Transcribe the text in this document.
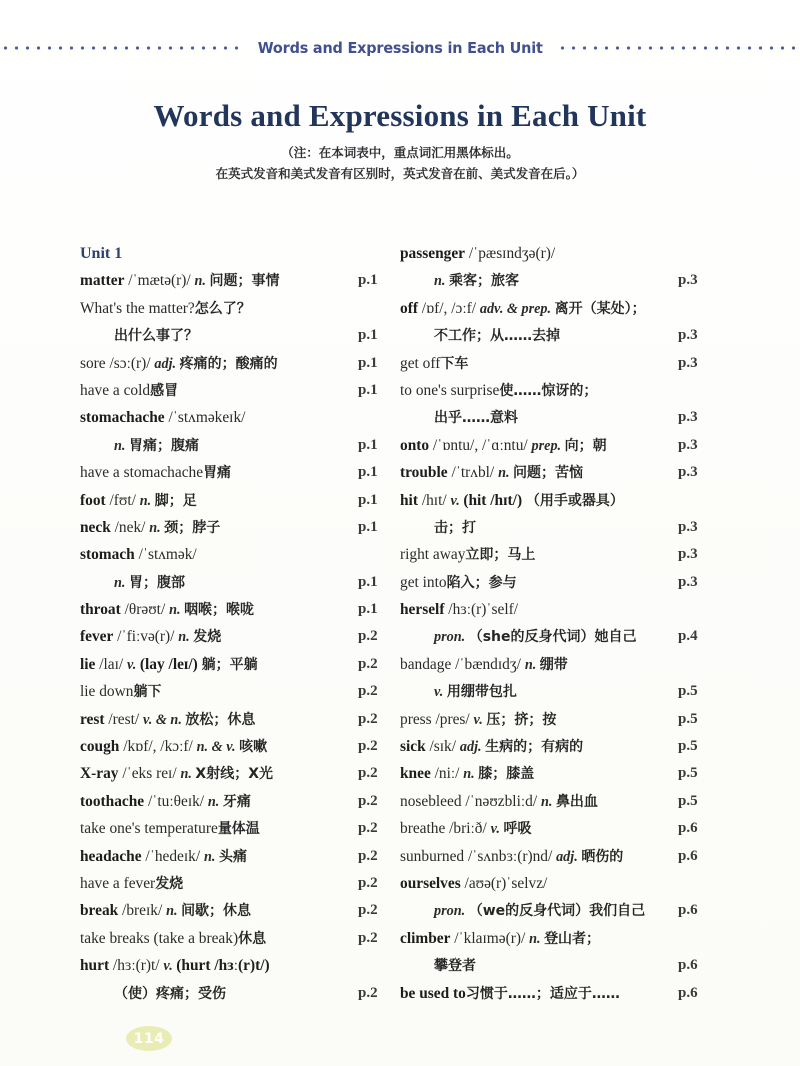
Words and Expressions in Each Unit
Words and Expressions in Each Unit
（注：在本词表中，重点词汇用黑体标出。
在英式发音和美式发音有区别时，英式发音在前、美式发音在后。）
Unit 1
matter /ˈmætə(r)/ n. 问题；事情	p.1
What's the matter?怎么了？
出什么事了？	p.1
sore /sɔː(r)/ adj. 疼痛的；酸痛的	p.1
have a cold感冒	p.1
stomachache /ˈstʌməkeɪk/
n. 胃痛；腹痛	p.1
have a stomachache胃痛	p.1
foot /fʊt/ n. 脚；足	p.1
neck /nek/ n. 颈；脖子	p.1
stomach /ˈstʌmək/
n. 胃；腹部	p.1
throat /θrəʊt/ n. 咽喉；喉咙	p.1
fever /ˈfiːvə(r)/ n. 发烧	p.2
lie /laɪ/ v. (lay /leɪ/) 躺；平躺	p.2
lie down躺下	p.2
rest /rest/ v. & n. 放松；休息	p.2
cough /kɒf/, /kɔːf/ n. & v. 咳嗽	p.2
X-ray /ˈeks reɪ/ n. X射线；X光	p.2
toothache /ˈtuːθeɪk/ n. 牙痛	p.2
take one's temperature量体温	p.2
headache /ˈhedeɪk/ n. 头痛	p.2
have a fever发烧	p.2
break /breɪk/ n. 间歇；休息	p.2
take breaks (take a break)休息	p.2
hurt /hɜː(r)t/ v. (hurt /hɜː(r)t/)
（使）疼痛；受伤	p.2
passenger /ˈpæsɪndʒə(r)/
n. 乘客；旅客	p.3
off /ɒf/, /ɔːf/ adv. & prep. 离开（某处）；
不工作；从……去掉	p.3
get off下车	p.3
to one's surprise使……惊讶的；
出乎……意料	p.3
onto /ˈɒntu/, /ˈɑːntu/ prep. 向；朝	p.3
trouble /ˈtrʌbl/ n. 问题；苦恼	p.3
hit /hɪt/ v. (hit /hɪt/) （用手或器具）
击；打	p.3
right away立即；马上	p.3
get into陷入；参与	p.3
herself /hɜː(r)ˈself/
pron. （she的反身代词）她自己	p.4
bandage /ˈbændɪdʒ/ n. 绷带
v. 用绷带包扎	p.5
press /pres/ v. 压；挤；按	p.5
sick /sɪk/ adj. 生病的；有病的	p.5
knee /niː/ n. 膝；膝盖	p.5
nosebleed /ˈnəʊzbliːd/ n. 鼻出血	p.5
breathe /briːð/ v. 呼吸	p.6
sunburned /ˈsʌnbɜː(r)nd/ adj. 晒伤的	p.6
ourselves /aʊə(r)ˈselvz/
pron. （we的反身代词）我们自己 p.6
climber /ˈklaɪmə(r)/ n. 登山者；
攀登者	p.6
be used to习惯于……；适应于……	p.6
114
